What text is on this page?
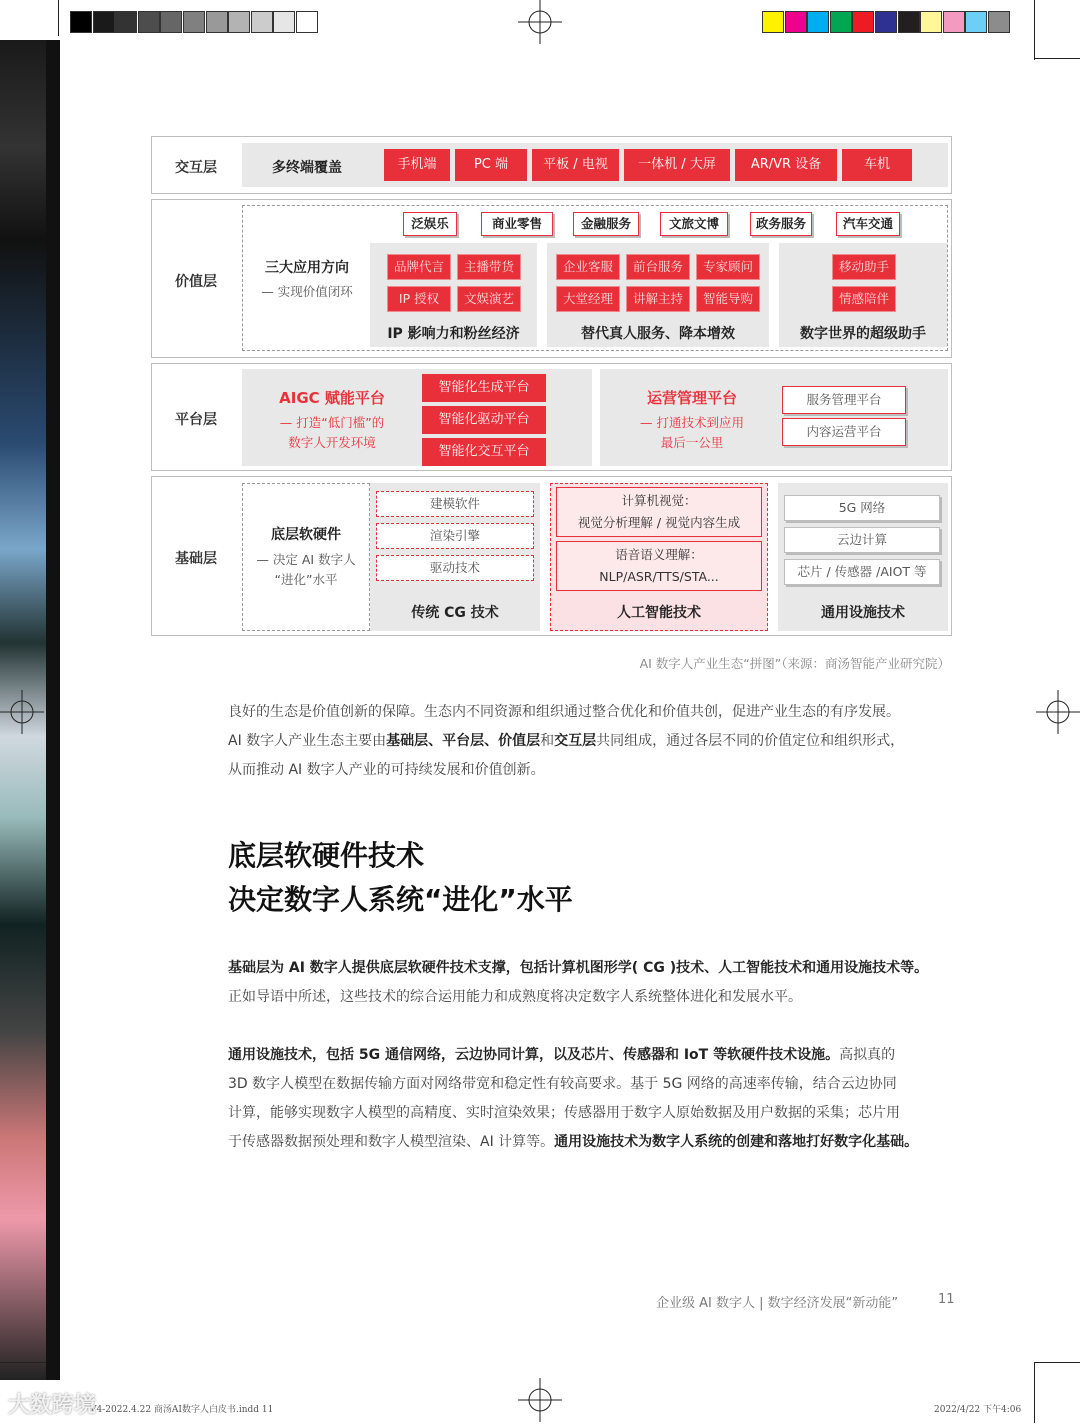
交互层	多终端覆盖	手机端	PC 端	平板 / 电视	一体机 / 大屏	AR/VR 设备	车机
价值层
三大应用方向
— 实现价值闭环
泛娱乐	商业零售	金融服务	文旅文博	政务服务	汽车交通
品牌代言	主播带货
IP 授权	文娱演艺
企业客服	前台服务	专家顾问
大堂经理	讲解主持	智能导购
移动助手
情感陪伴
IP 影响力和粉丝经济	替代真人服务、降本增效	数字世界的超级助手
平台层
AIGC 赋能平台
— 打造“低门槛”的
数字人开发环境
智能化生成平台
智能化驱动平台
智能化交互平台
运营管理平台
— 打通技术到应用
最后一公里
服务管理平台
内容运营平台
基础层
底层软硬件
— 决定 AI 数字人
“进化”水平
建模软件
渲染引擎
驱动技术
计算机视觉：
视觉分析理解 / 视觉内容生成
语音语义理解：
NLP/ASR/TTS/STA...
5G 网络
云边计算
芯片 / 传感器 /AIOT 等
传统 CG 技术	人工智能技术	通用设施技术
AI 数字人产业生态“拼图”（来源：商汤智能产业研究院）
良好的生态是价值创新的保障。生态内不同资源和组织通过整合优化和价值共创，促进产业生态的有序发展。
AI 数字人产业生态主要由基础层、平台层、价值层和交互层共同组成，通过各层不同的价值定位和组织形式，
从而推动 AI 数字人产业的可持续发展和价值创新。
底层软硬件技术
决定数字人系统“进化”水平
基础层为 AI 数字人提供底层软硬件技术支撑，包括计算机图形学( CG )技术、人工智能技术和通用设施技术等。
正如导语中所述，这些技术的综合运用能力和成熟度将决定数字人系统整体进化和发展水平。
通用设施技术，包括 5G 通信网络，云边协同计算，以及芯片、传感器和 IoT 等软硬件技术设施。高拟真的
3D 数字人模型在数据传输方面对网络带宽和稳定性有较高要求。基于 5G 网络的高速率传输，结合云边协同
计算，能够实现数字人模型的高精度、实时渲染效果；传感器用于数字人原始数据及用户数据的采集；芯片用
于传感器数据预处理和数字人模型渲染、AI 计算等。通用设施技术为数字人系统的创建和落地打好数字化基础。
企业级 AI 数字人 | 数字经济发展“新动能”	11
V4-2022.4.22 商汤AI数字人白皮书.indd 11	2022/4/22 下午4:06
大数跨境
